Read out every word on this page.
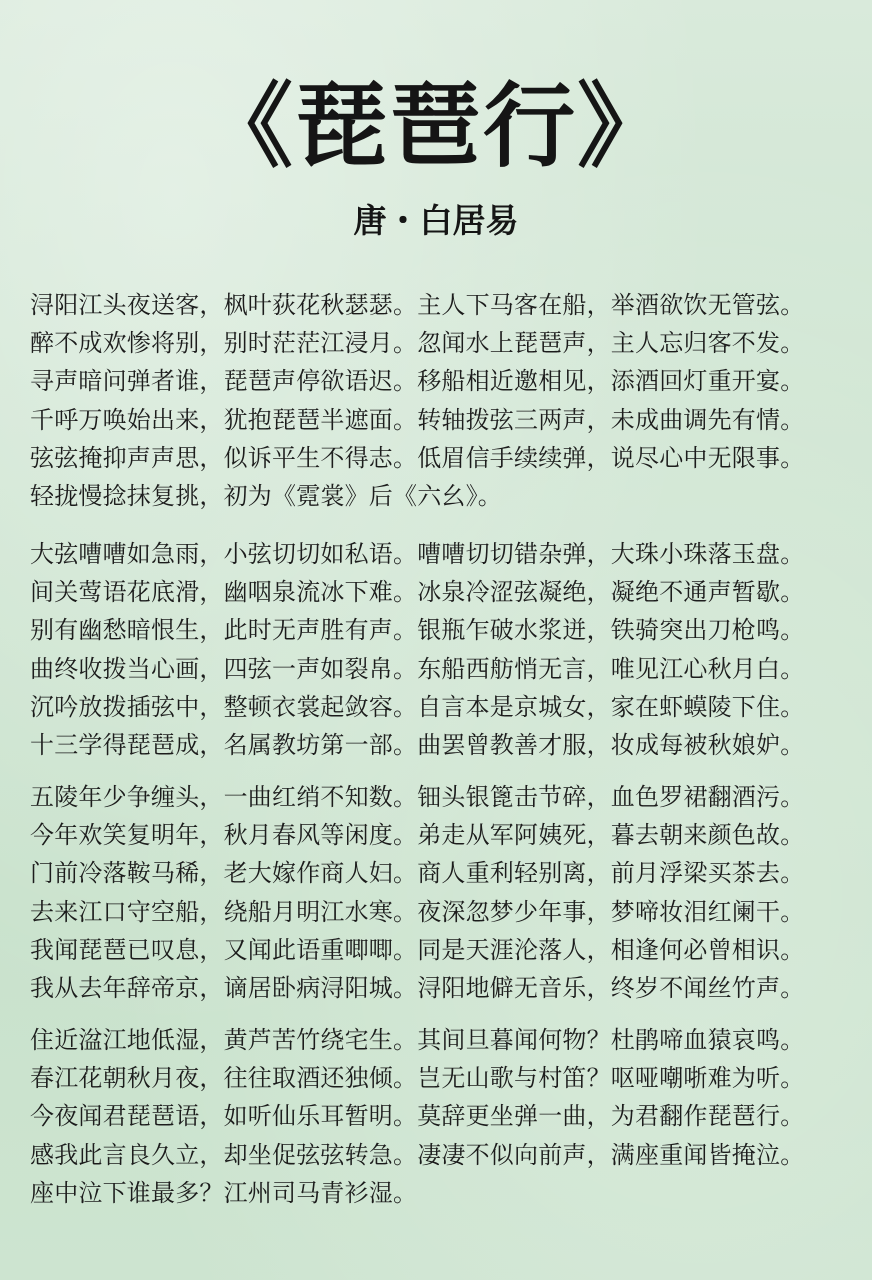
《琵琶行》
唐・白居易
浔阳江头夜送客，枫叶荻花秋瑟瑟。主人下马客在船，举酒欲饮无管弦。
醉不成欢惨将别，别时茫茫江浸月。忽闻水上琵琶声，主人忘归客不发。
寻声暗问弹者谁，琵琶声停欲语迟。移船相近邀相见，添酒回灯重开宴。
千呼万唤始出来，犹抱琵琶半遮面。转轴拨弦三两声，未成曲调先有情。
弦弦掩抑声声思，似诉平生不得志。低眉信手续续弹，说尽心中无限事。
轻拢慢捻抹复挑，初为《霓裳》后《六幺》。
大弦嘈嘈如急雨，小弦切切如私语。嘈嘈切切错杂弹，大珠小珠落玉盘。
间关莺语花底滑，幽咽泉流冰下难。冰泉冷涩弦凝绝，凝绝不通声暂歇。
别有幽愁暗恨生，此时无声胜有声。银瓶乍破水浆迸，铁骑突出刀枪鸣。
曲终收拨当心画，四弦一声如裂帛。东船西舫悄无言，唯见江心秋月白。
沉吟放拨插弦中，整顿衣裳起敛容。自言本是京城女，家在虾蟆陵下住。
十三学得琵琶成，名属教坊第一部。曲罢曾教善才服，妆成每被秋娘妒。
五陵年少争缠头，一曲红绡不知数。钿头银篦击节碎，血色罗裙翻酒污。
今年欢笑复明年，秋月春风等闲度。弟走从军阿姨死，暮去朝来颜色故。
门前冷落鞍马稀，老大嫁作商人妇。商人重利轻别离，前月浮梁买茶去。
去来江口守空船，绕船月明江水寒。夜深忽梦少年事，梦啼妆泪红阑干。
我闻琵琶已叹息，又闻此语重唧唧。同是天涯沦落人，相逢何必曾相识。
我从去年辞帝京，谪居卧病浔阳城。浔阳地僻无音乐，终岁不闻丝竹声。
住近湓江地低湿，黄芦苦竹绕宅生。其间旦暮闻何物？杜鹃啼血猿哀鸣。
春江花朝秋月夜，往往取酒还独倾。岂无山歌与村笛？呕哑嘲哳难为听。
今夜闻君琵琶语，如听仙乐耳暂明。莫辞更坐弹一曲，为君翻作琵琶行。
感我此言良久立，却坐促弦弦转急。凄凄不似向前声，满座重闻皆掩泣。
座中泣下谁最多？江州司马青衫湿。
